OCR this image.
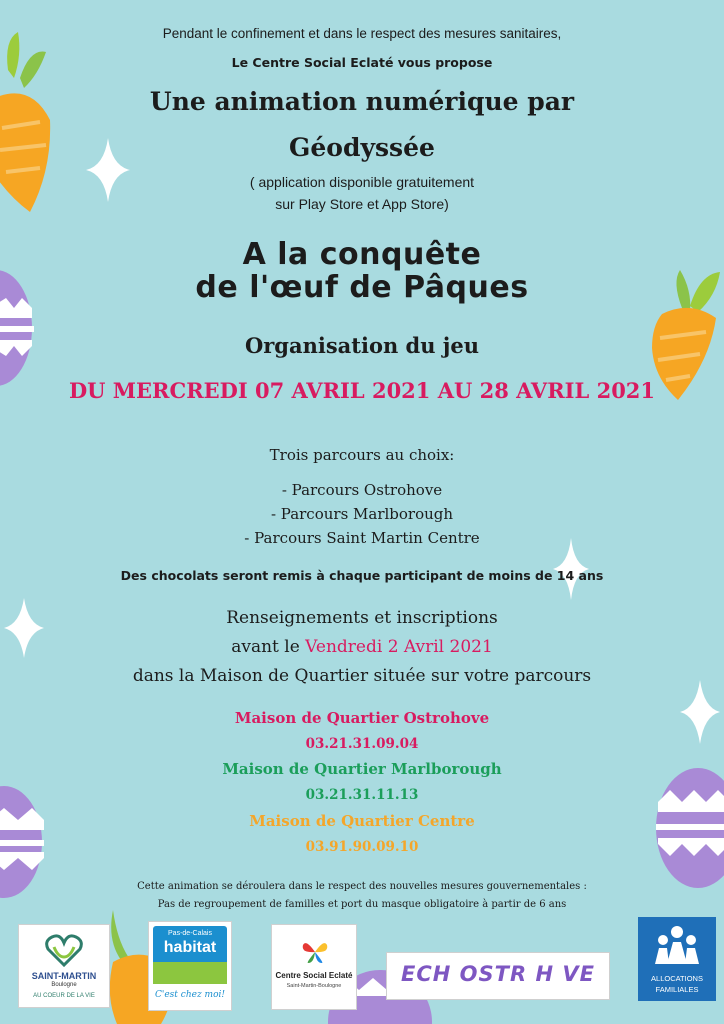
Pendant le confinement et dans le respect des mesures sanitaires,
Le Centre Social Eclaté vous propose
Une animation numérique par
Géodyssée
( application disponible gratuitement
sur Play Store et App Store)
A la conquête
de l'œuf de Pâques
Organisation du jeu
DU MERCREDI 07 AVRIL 2021 AU 28 AVRIL 2021
Trois parcours au choix:
- Parcours Ostrohove
- Parcours Marlborough
- Parcours Saint Martin Centre
Des chocolats seront remis à chaque participant de moins de 14 ans
Renseignements et inscriptions
avant le Vendredi 2 Avril 2021
dans la Maison de Quartier située sur votre parcours
Maison de Quartier Ostrohove
03.21.31.09.04
Maison de Quartier Marlborough
03.21.31.11.13
Maison de Quartier Centre
03.91.90.09.10
Cette animation se déroulera dans le respect des nouvelles mesures gouvernementales :
Pas de regroupement de familles et port du masque obligatoire à partir de 6 ans
SAINT-MARTIN
Boulogne
AU COEUR DE LA VIE
Pas-de-Calais
habitat
C'est chez moi!
Centre Social Eclaté
Saint-Martin-Boulogne	ECH OSTR H VE	ALLOCATIONS
FAMILIALES
